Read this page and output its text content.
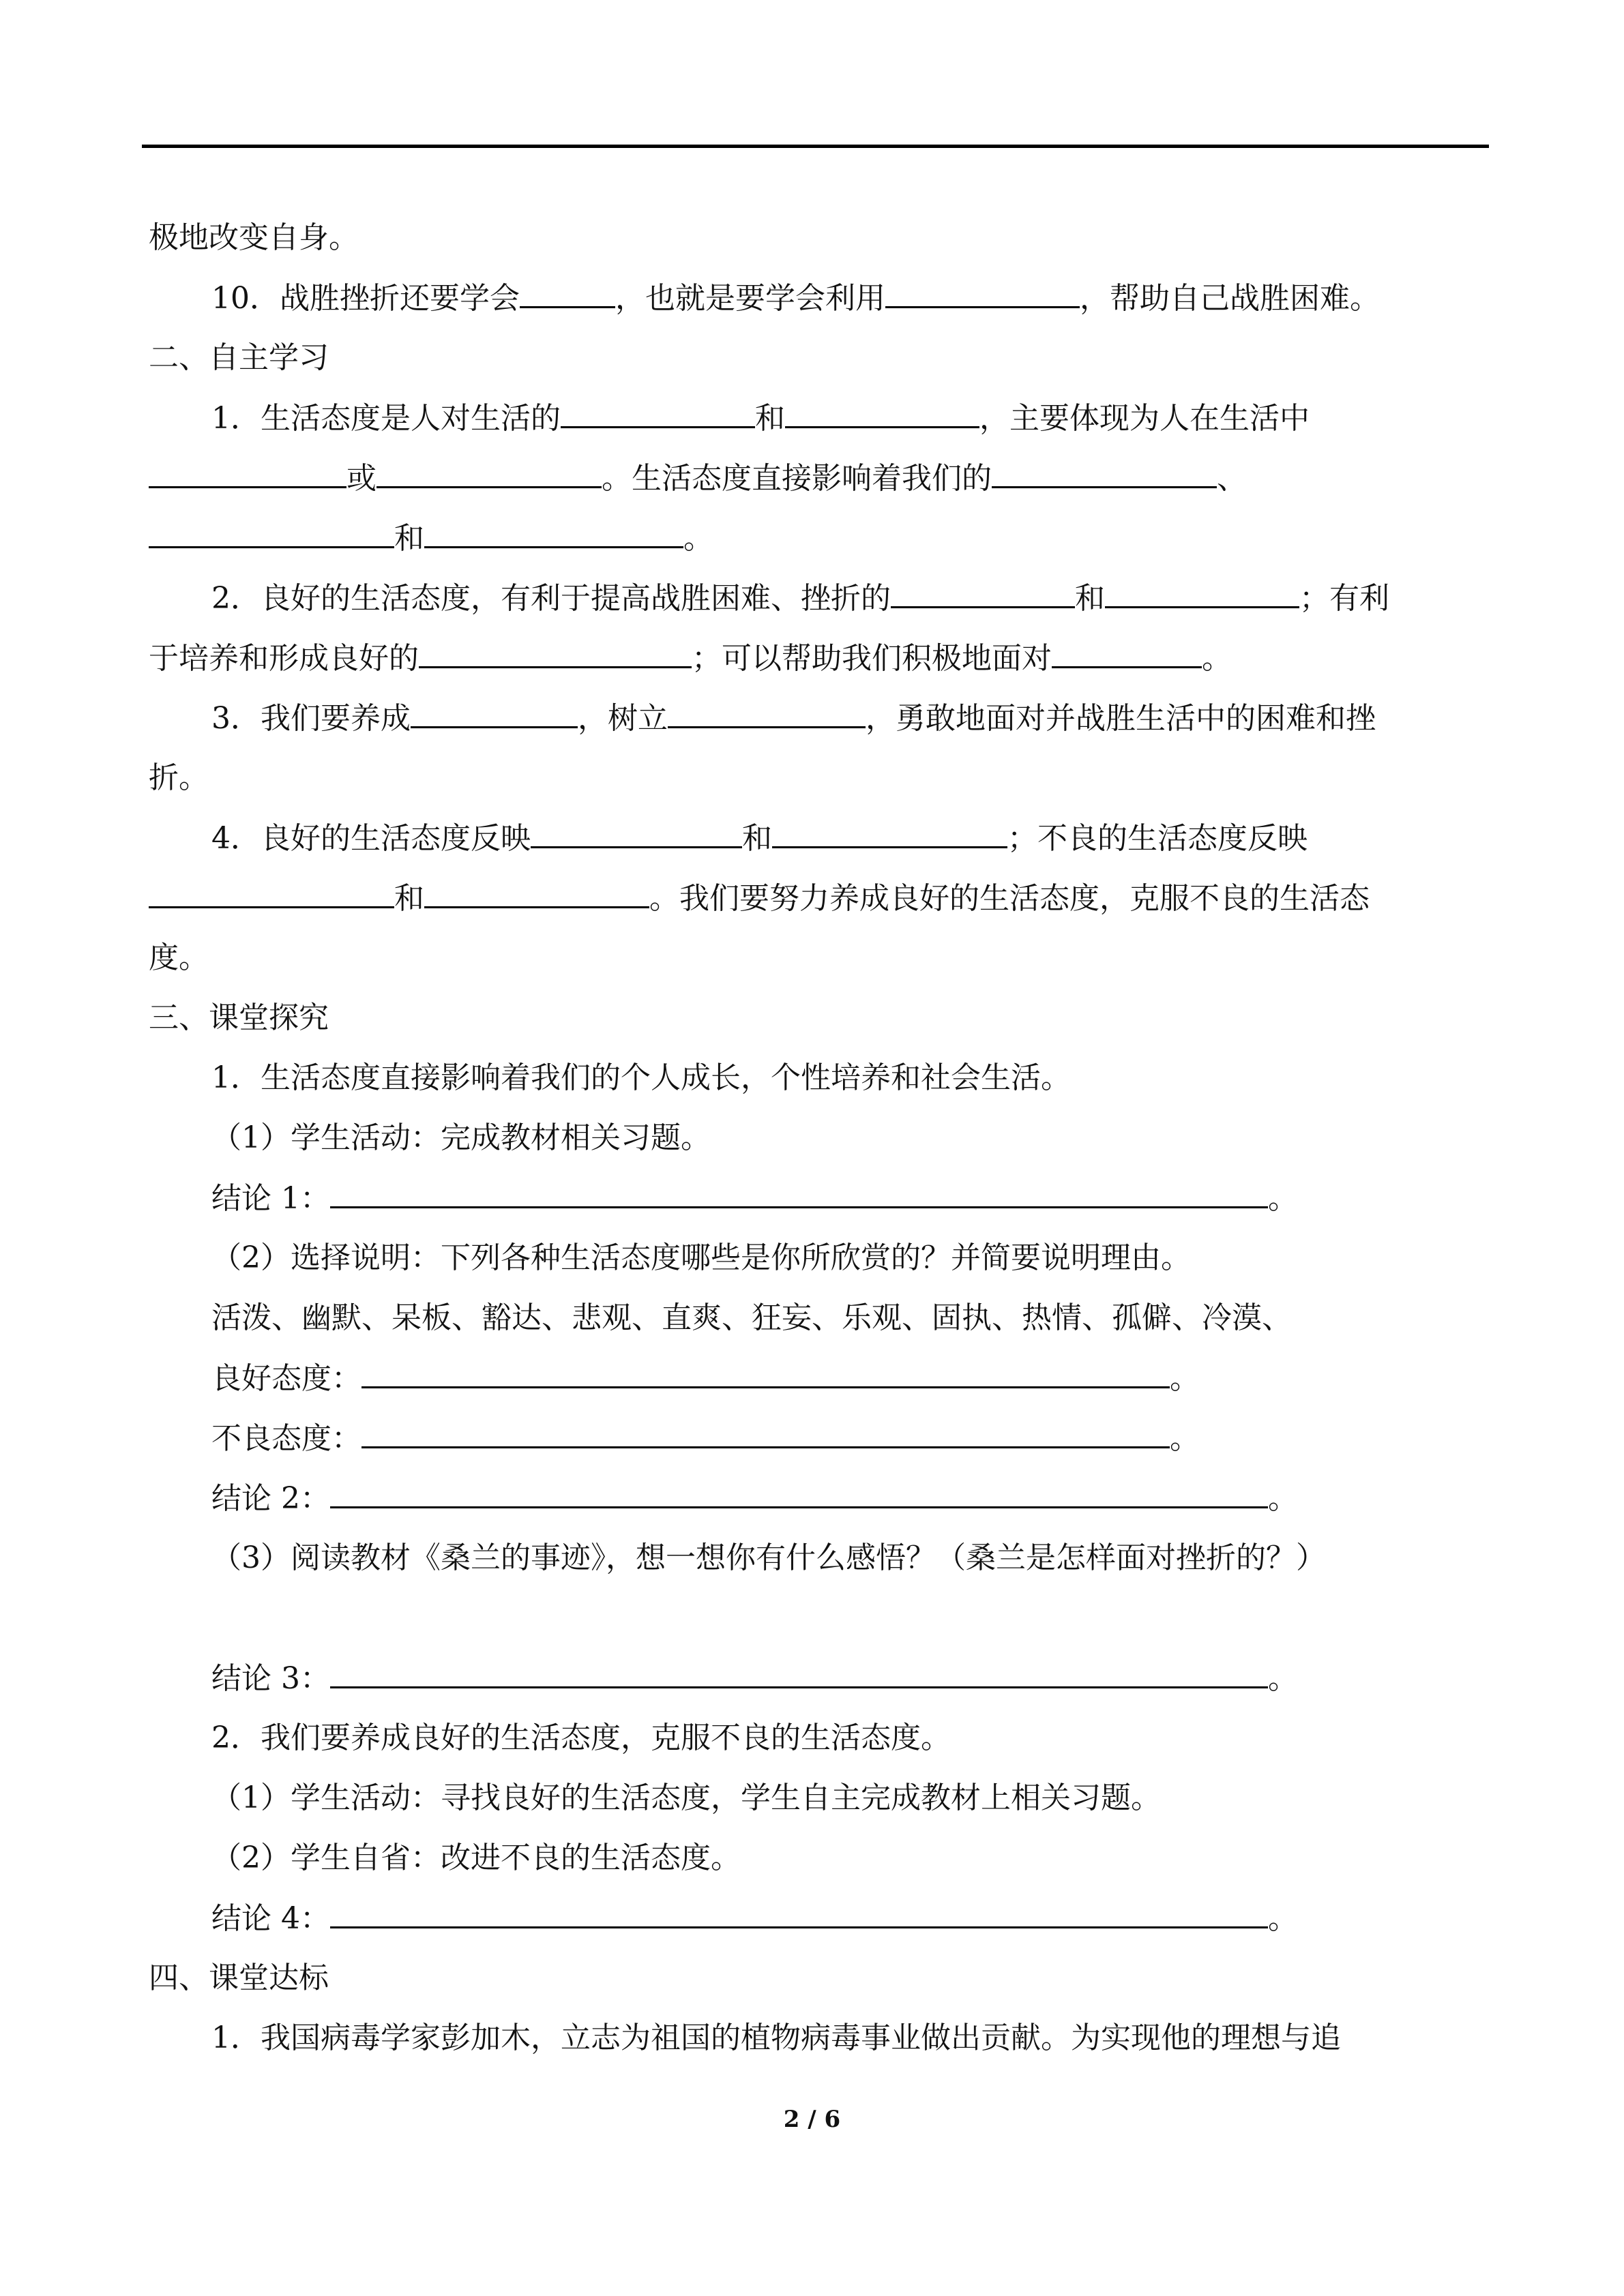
极地改变自身。
10．战胜挫折还要学会	，也就是要学会利用	，帮助自己战胜困难。
二、自主学习
1．生活态度是人对生活的	和	，主要体现为人在生活中
或	。生活态度直接影响着我们的	、
和	。
2．良好的生活态度，有利于提高战胜困难、挫折的	和	；有利
于培养和形成良好的	；可以帮助我们积极地面对	。
3．我们要养成	，树立	，勇敢地面对并战胜生活中的困难和挫
折。
4．良好的生活态度反映	和	；不良的生活态度反映
和	。我们要努力养成良好的生活态度，克服不良的生活态
度。
三、课堂探究
1．生活态度直接影响着我们的个人成长，个性培养和社会生活。
（1）学生活动：完成教材相关习题。
结论 1：	。
（2）选择说明：下列各种生活态度哪些是你所欣赏的？并简要说明理由。
活泼、幽默、呆板、豁达、悲观、直爽、狂妄、乐观、固执、热情、孤僻、冷漠、
良好态度：	。
不良态度：	。
结论 2：	。
（3）阅读教材《桑兰的事迹》，想一想你有什么感悟？（桑兰是怎样面对挫折的？）
结论 3：	。
2．我们要养成良好的生活态度，克服不良的生活态度。
（1）学生活动：寻找良好的生活态度，学生自主完成教材上相关习题。
（2）学生自省：改进不良的生活态度。
结论 4：	。
四、课堂达标
1．我国病毒学家彭加木，立志为祖国的植物病毒事业做出贡献。为实现他的理想与追
2 / 6
